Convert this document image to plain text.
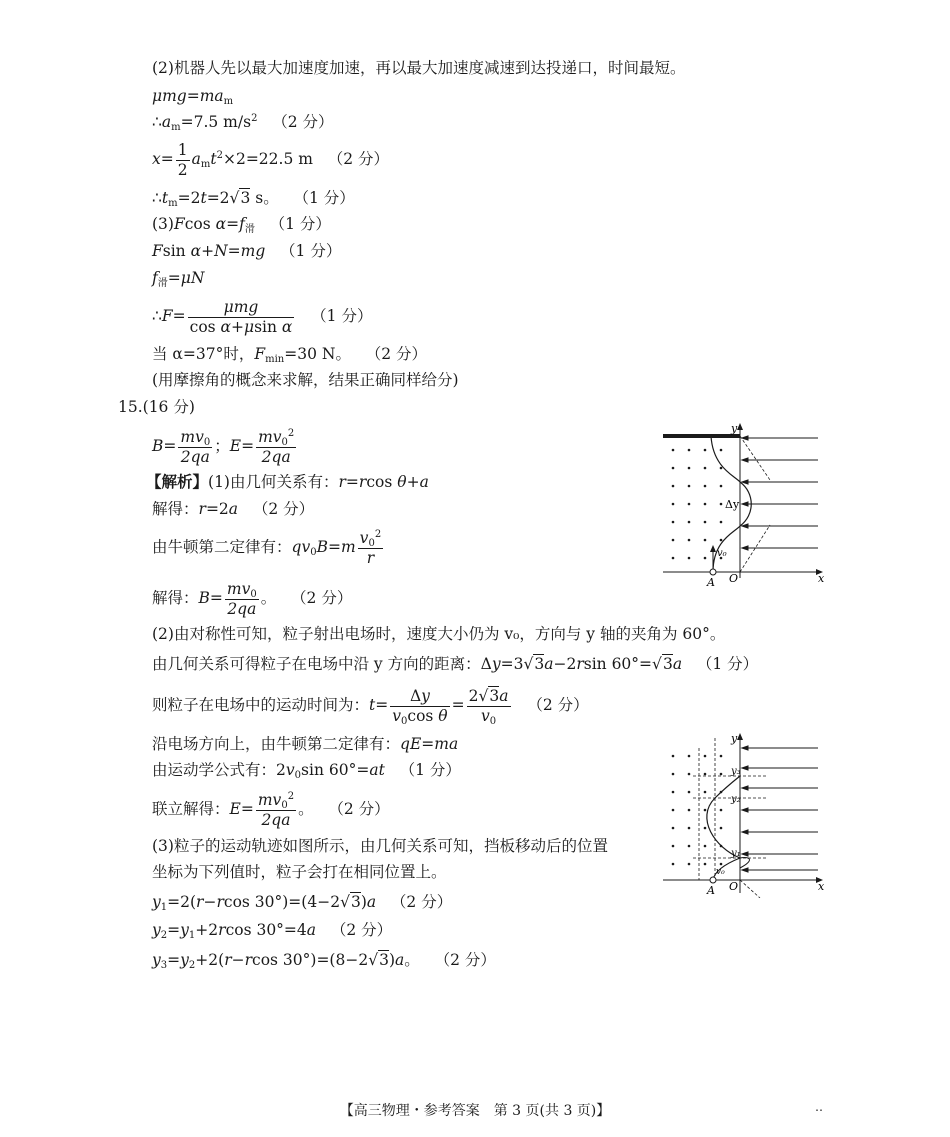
(2)机器人先以最大加速度加速，再以最大加速度减速到达投递口，时间最短。
$\mu mg=ma_m$
$\therefore a_m=7.5$ $m/s^2$ （2 分）
$x= \frac{1}{2} a_mt^2\times 2=22.5$ m （2 分）
$\therefore t_m=2t=2√3$ s。 （1 分）
(3)Fcos $\alpha=f_滑$ （1 分）
Fsin α+N=mg （1 分）
$f_滑=\mu N$
∴F= $\frac{\text{μmg}}{\text{cos α+μsin α}} (1$ 分）
当 α=37°时，$F_{min}=30$ N。 （2 分）
(用摩擦角的概念来求解，结果正确同样给分)
15.(16 分)
$B= \frac{mv_0}{2qa}$ ；$E= \frac{mv_0^2}{2qa}$
【解析】(1)由几何关系有：r=rcos θ+a
解得：r=2a （2 分）
由牛顿第二定律有：$qv_0B=m \frac{v_0^2}{r}$
解得：$B= \frac{mv_0}{2qa}$ 。   （2 分）
(2)由对称性可知，粒子射出电场时，速度大小仍为 v₀，方向与 y 轴的夹角为 60°。
由几何关系可得粒子在电场中沿 y 方向的距离：Δy=3√3a−2rsin 60°=√3a （1 分）
则粒子在电场中的运动时间为：$t= \frac{\Delta y}{v_0\cos \theta} = \frac{2√3a}{v_0} (2$ 分）
沿电场方向上，由牛顿第二定律有：qE=ma
由运动学公式有：$2v_0\sin$ 60°=at （1 分）
联立解得：$E= \frac{mv_0^2}{2qa}$ 。   （2 分）
(3)粒子的运动轨迹如图所示，由几何关系可知，挡板移动后的位置
坐标为下列值时，粒子会打在相同位置上。
$y_1=2(r-rcos$ 30°)=(4−2√3)a （2 分）
$y_2=y_1+2rcos$ 30°=4a （2 分）
$y_3=y_2+2(r-rcos$ 30°)=(8−2√3)a。   （2 分）
v₀
Δy
A O	x
y
v₀
y₁
y₂
y₃
A O	x
y
【高三物理・参考答案　第 3 页(共 3 页)】	‥
